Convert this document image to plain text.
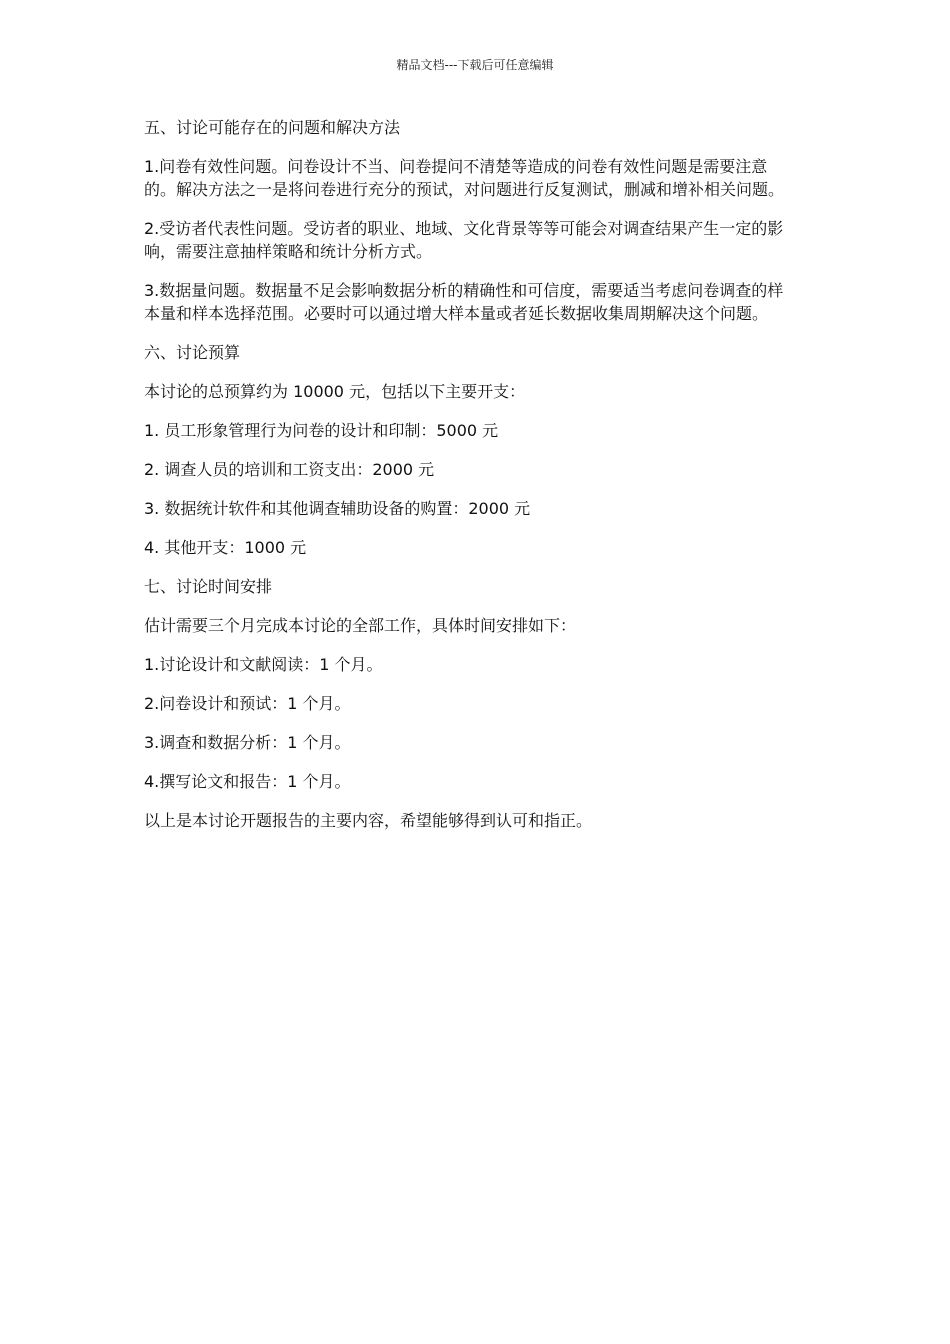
精品文档---下载后可任意编辑

五、讨论可能存在的问题和解决方法

1.问卷有效性问题。问卷设计不当、问卷提问不清楚等造成的问卷有效性问题是需要注意的。解决方法之一是将问卷进行充分的预试，对问题进行反复测试，删减和增补相关问题。

2.受访者代表性问题。受访者的职业、地域、文化背景等等可能会对调查结果产生一定的影响，需要注意抽样策略和统计分析方式。

3.数据量问题。数据量不足会影响数据分析的精确性和可信度，需要适当考虑问卷调查的样本量和样本选择范围。必要时可以通过增大样本量或者延长数据收集周期解决这个问题。

六、讨论预算

本讨论的总预算约为 10000 元，包括以下主要开支：

1. 员工形象管理行为问卷的设计和印制：5000 元

2. 调查人员的培训和工资支出：2000 元

3. 数据统计软件和其他调查辅助设备的购置：2000 元

4. 其他开支：1000 元

七、讨论时间安排

估计需要三个月完成本讨论的全部工作，具体时间安排如下：

1.讨论设计和文献阅读：1 个月。

2.问卷设计和预试：1 个月。

3.调查和数据分析：1 个月。

4.撰写论文和报告：1 个月。

以上是本讨论开题报告的主要内容，希望能够得到认可和指正。
